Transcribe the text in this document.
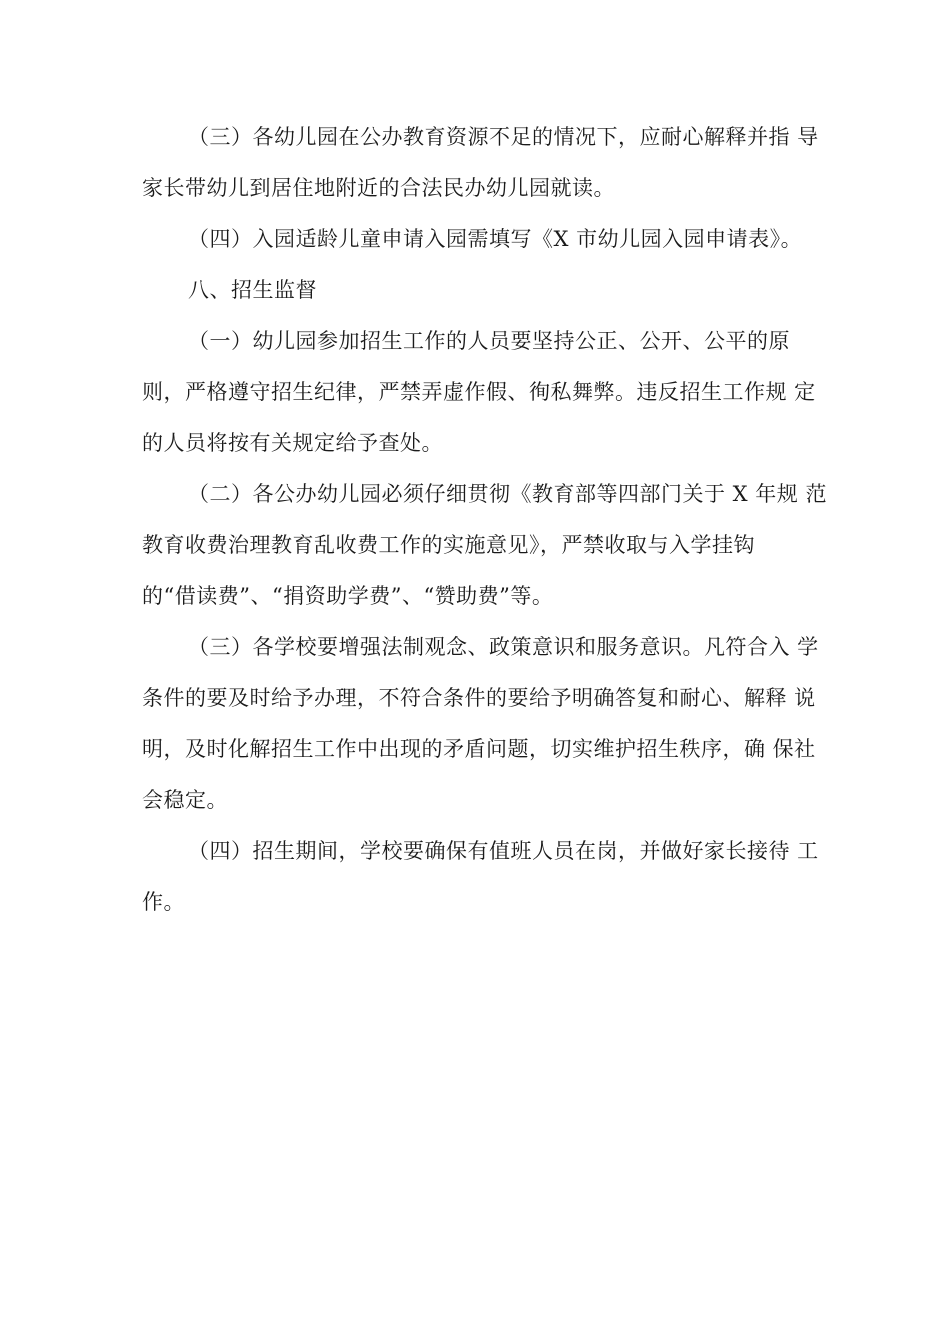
（三）各幼儿园在公办教育资源不足的情况下，应耐心解释并指 导
家长带幼儿到居住地附近的合法民办幼儿园就读。

（四）入园适龄儿童申请入园需填写《X 市幼儿园入园申请表》。

八、招生监督

（一）幼儿园参加招生工作的人员要坚持公正、公开、公平的原
则，严格遵守招生纪律，严禁弄虚作假、徇私舞弊。违反招生工作规 定
的人员将按有关规定给予查处。

（二）各公办幼儿园必须仔细贯彻《教育部等四部门关于 X 年规 范
教育收费治理教育乱收费工作的实施意见》，严禁收取与入学挂钩
的“借读费”、“捐资助学费”、“赞助费”等。

（三）各学校要增强法制观念、政策意识和服务意识。凡符合入 学
条件的要及时给予办理，不符合条件的要给予明确答复和耐心、解释 说
明，及时化解招生工作中出现的矛盾问题，切实维护招生秩序，确 保社
会稳定。

（四）招生期间，学校要确保有值班人员在岗，并做好家长接待 工
作。
